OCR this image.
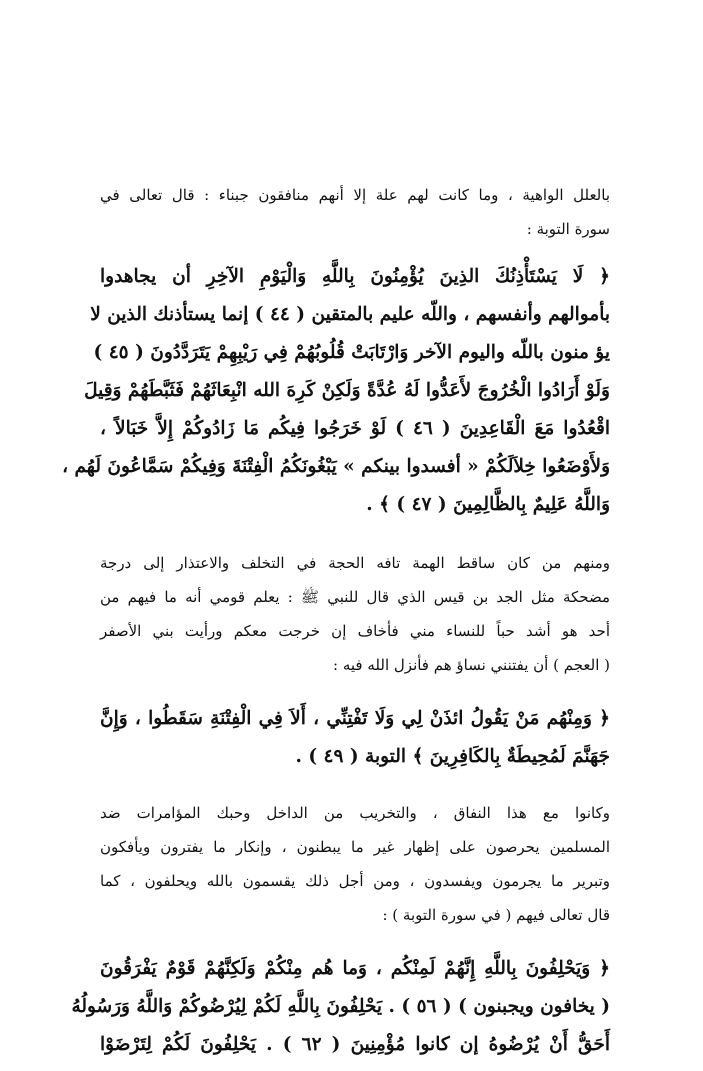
بالعلل الواهية ، وما كانت لهم علة إلا أنهم منافقون جبناء : قال تعالى في
سورة التوبة :
﴿ لَا يَسْتَأْذِنُكَ الذِينَ يُؤْمِنُونَ بِاللَّهِ وَالْيَوْمِ الآخِرِ أن يجاهدوا
بأموالهم وأنفسهم ، واللّه عليم بالمتقين ( ٤٤ ) إنما يستأذنك الذين لا
يؤ منون باللّه واليوم الآخر وَارْتَابَتْ قُلُوبُهُمْ فِي رَيْبِهِمْ يَتَرَدَّدُونَ ( ٤٥ )
وَلَوْ أَرَادُوا الْخُرُوجَ لأَعَدُّوا لَهُ عُدَّةً وَلَكِنْ كَرِهَ الله انْبِعَاثَهُمْ فَثَبَّطَهُمْ وَقِيلَ
اقْعُدُوا مَعَ الْقَاعِدِينَ ( ٤٦ ) لَوْ خَرَجُوا فِيكُم مَا زَادُوكُمْ إِلاَّ خَبَالاً ،
وَلأَوْضَعُوا خِلاَلَكُمْ « أفسدوا بينكم » يَبْغُونَكُمُ الْفِتْنَةَ وَفِيكُمْ سَمَّاعُونَ لَهُم ،
وَاللَّهُ عَلِيمٌ بِالظَّالِمِينَ ( ٤٧ ) ﴾ .
ومنهم من كان ساقط الهمة تافه الحجة في التخلف والاعتذار إلى درجة
مضحكة مثل الجد بن قيس الذي قال للنبي ﷺ : يعلم قومي أنه ما فيهم من
أحد هو أشد حباً للنساء مني فأخاف إن خرجت معكم ورأيت بني الأصفر
( العجم ) أن يفتنني نساؤ هم فأنزل الله فيه :
﴿ وَمِنْهُم مَنْ يَقُولُ ائذَنْ لِي وَلَا تَفْتِنِّي ، أَلاَ فِي الْفِتْنَةِ سَقَطُوا ، وَإِنَّ
جَهَنَّمَ لَمُحِيطَةٌ بِالكَافِرِينَ ﴾ التوبة ( ٤٩ ) .
وكانوا مع هذا النفاق ، والتخريب من الداخل وحبك المؤامرات ضد
المسلمين يحرصون على إظهار غير ما يبطنون ، وإنكار ما يفترون ويأفكون
وتبرير ما يجرمون ويفسدون ، ومن أجل ذلك يقسمون بالله ويحلفون ، كما
قال تعالى فيهم ( في سورة التوبة ) :
﴿ وَيَحْلِفُونَ بِاللَّهِ إِنَّهُمْ لَمِنْكُم ، وَما هُم مِنْكُمْ وَلَكِنَّهُمْ قَوْمٌ يَفْرَقُونَ
( يخافون ويجبنون ) ( ٥٦ ) . يَحْلِفُونَ بِاللَّهِ لَكُمْ لِيُرْضُوكُمْ وَاللَّهُ وَرَسُولُهُ
أَحَقُّ أَنْ يُرْضُوهُ إن كانوا مُؤْمِنِينَ ( ٦٢ ) . يَحْلِفُونَ لَكُمْ لِتَرْضَوْا
